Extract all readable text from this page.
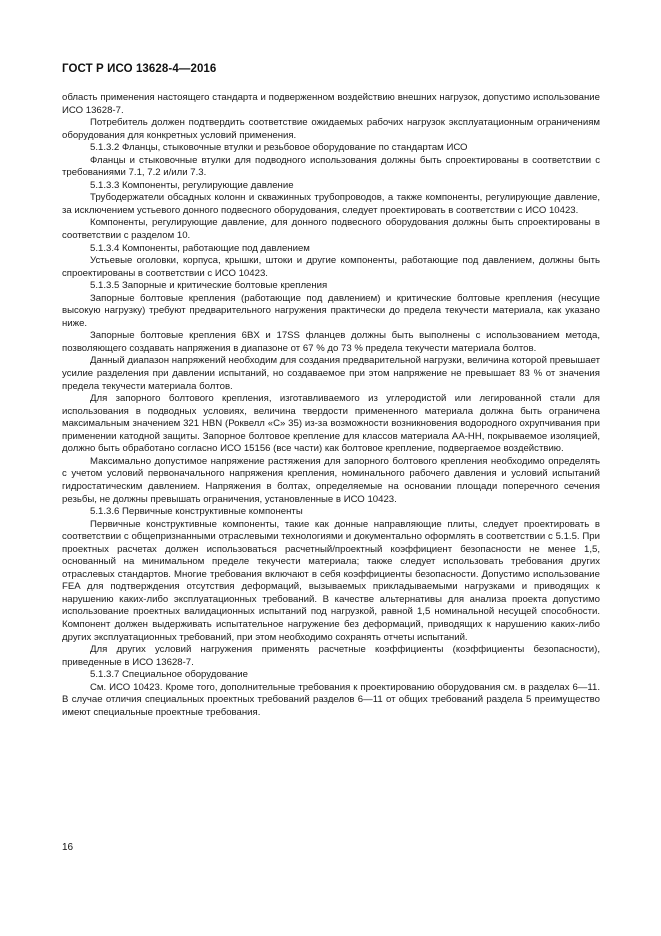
ГОСТ Р ИСО 13628-4—2016

область применения настоящего стандарта и подверженном воздействию внешних нагрузок, допустимо использование ИСО 13628-7.

Потребитель должен подтвердить соответствие ожидаемых рабочих нагрузок эксплуатационным ограничениям оборудования для конкретных условий применения.

5.1.3.2 Фланцы, стыковочные втулки и резьбовое оборудование по стандартам ИСО

Фланцы и стыковочные втулки для подводного использования должны быть спроектированы в соответствии с требованиями 7.1, 7.2 и/или 7.3.

5.1.3.3 Компоненты, регулирующие давление

Трубодержатели обсадных колонн и скважинных трубопроводов, а также компоненты, регулирующие давление, за исключением устьевого донного подвесного оборудования, следует проектировать в соответствии с ИСО 10423.

Компоненты, регулирующие давление, для донного подвесного оборудования должны быть спроектированы в соответствии с разделом 10.

5.1.3.4 Компоненты, работающие под давлением

Устьевые оголовки, корпуса, крышки, штоки и другие компоненты, работающие под давлением, должны быть спроектированы в соответствии с ИСО 10423.

5.1.3.5 Запорные и критические болтовые крепления

Запорные болтовые крепления (работающие под давлением) и критические болтовые крепления (несущие высокую нагрузку) требуют предварительного нагружения практически до предела текучести материала, как указано ниже.

Запорные болтовые крепления 6BX и 17SS фланцев должны быть выполнены с использованием метода, позволяющего создавать напряжения в диапазоне от 67 % до 73 % предела текучести материала болтов.

Данный диапазон напряжений необходим для создания предварительной нагрузки, величина которой превышает усилие разделения при давлении испытаний, но создаваемое при этом напряжение не превышает 83 % от значения предела текучести материала болтов.

Для запорного болтового крепления, изготавливаемого из углеродистой или легированной стали для использования в подводных условиях, величина твердости примененного материала должна быть ограничена максимальным значением 321 HBN (Роквелл «С» 35) из-за возможности возникновения водородного охрупчивания при применении катодной защиты. Запорное болтовое крепление для классов материала АА-НН, покрываемое изоляцией, должно быть обработано согласно ИСО 15156 (все части) как болтовое крепление, подвергаемое воздействию.

Максимально допустимое напряжение растяжения для запорного болтового крепления необходимо определять с учетом условий первоначального напряжения крепления, номинального рабочего давления и условий испытаний гидростатическим давлением. Напряжения в болтах, определяемые на основании площади поперечного сечения резьбы, не должны превышать ограничения, установленные в ИСО 10423.

5.1.3.6 Первичные конструктивные компоненты

Первичные конструктивные компоненты, такие как донные направляющие плиты, следует проектировать в соответствии с общепризнанными отраслевыми технологиями и документально оформлять в соответствии с 5.1.5. При проектных расчетах должен использоваться расчетный/проектный коэффициент безопасности не менее 1,5, основанный на минимальном пределе текучести материала; также следует использовать требования других отраслевых стандартов. Многие требования включают в себя коэффициенты безопасности. Допустимо использование FEA для подтверждения отсутствия деформаций, вызываемых прикладываемыми нагрузками и приводящих к нарушению каких-либо эксплуатационных требований. В качестве альтернативы для анализа проекта допустимо использование проектных валидационных испытаний под нагрузкой, равной 1,5 номинальной несущей способности. Компонент должен выдерживать испытательное нагружение без деформаций, приводящих к нарушению каких-либо других эксплуатационных требований, при этом необходимо сохранять отчеты испытаний.

Для других условий нагружения применять расчетные коэффициенты (коэффициенты безопасности), приведенные в ИСО 13628-7.

5.1.3.7 Специальное оборудование

См. ИСО 10423. Кроме того, дополнительные требования к проектированию оборудования см. в разделах 6—11. В случае отличия специальных проектных требований разделов 6—11 от общих требований раздела 5 преимущество имеют специальные проектные требования.

16
